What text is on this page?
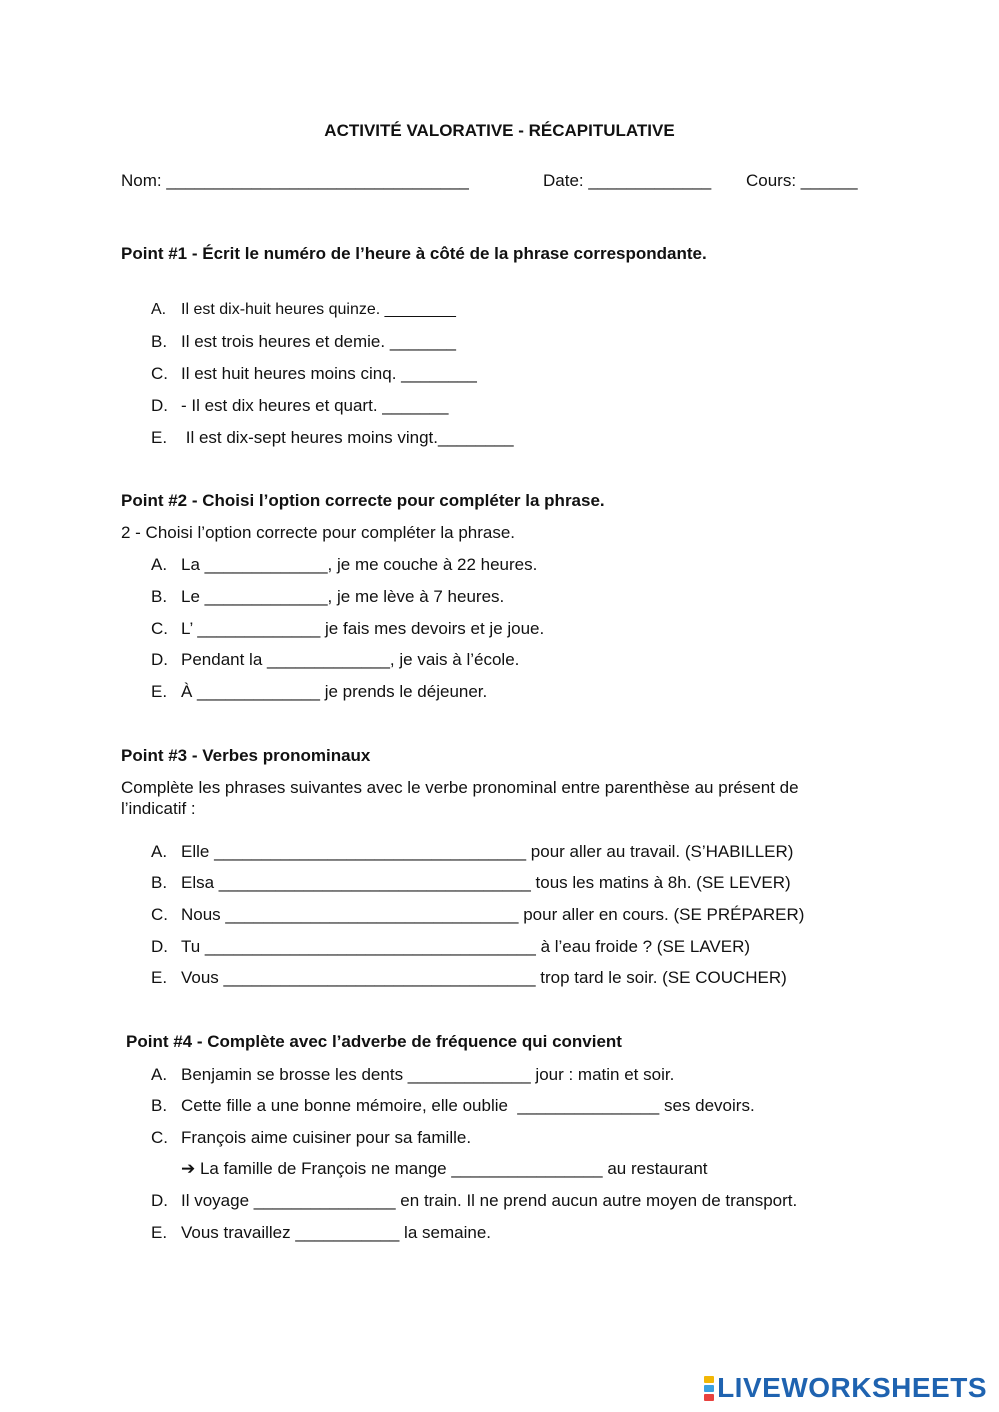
ACTIVITÉ VALORATIVE - RÉCAPITULATIVE
Nom: ________________________________	Date: _____________ Cours: ______
Point #1 - Écrit le numéro de l’heure à côté de la phrase correspondante.
A. Il est dix-huit heures quinze. ________
B. Il est trois heures et demie. _______
C. Il est huit heures moins cinq. ________
D. - Il est dix heures et quart. _______
E. Il est dix-sept heures moins vingt.________
Point #2 - Choisi l’option correcte pour compléter la phrase.
2 - Choisi l’option correcte pour compléter la phrase.
A. La _____________, je me couche à 22 heures.
B. Le _____________, je me lève à 7 heures.
C. L’ _____________ je fais mes devoirs et je joue.
D. Pendant la _____________, je vais à l’école.
E. À _____________ je prends le déjeuner.
Point #3 - Verbes pronominaux
Complète les phrases suivantes avec le verbe pronominal entre parenthèse au présent de
l’indicatif :
A. Elle _________________________________ pour aller au travail. (S’HABILLER)
B. Elsa _________________________________ tous les matins à 8h. (SE LEVER)
C. Nous _______________________________ pour aller en cours. (SE PRÉPARER)
D. Tu ___________________________________ à l’eau froide ? (SE LAVER)
E. Vous _________________________________ trop tard le soir. (SE COUCHER)
Point #4 - Complète avec l’adverbe de fréquence qui convient
A. Benjamin se brosse les dents _____________ jour : matin et soir.
B. Cette fille a une bonne mémoire, elle oublie  _______________ ses devoirs.
C. François aime cuisiner pour sa famille.
➔ La famille de François ne mange ________________ au restaurant
D. Il voyage _______________ en train. Il ne prend aucun autre moyen de transport.
E. Vous travaillez ___________ la semaine.
LIVEWORKSHEETS
